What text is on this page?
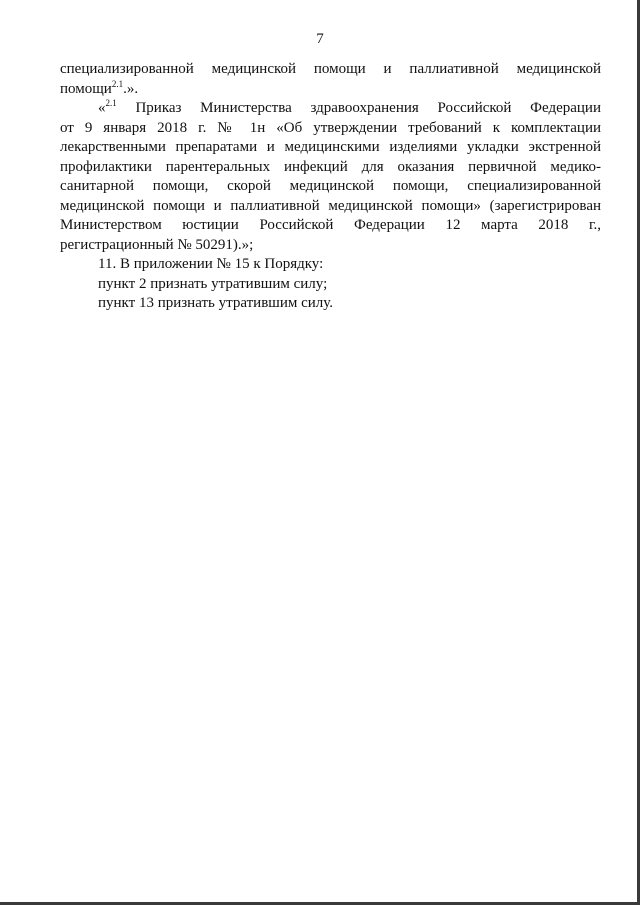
7

специализированной медицинской помощи и паллиативной медицинской

помощи$^{2.1}$.».

«$^{2.1}$ Приказ Министерства здравоохранения Российской Федерации

от 9 января 2018 г. № 1н «Об утверждении требований к комплектации

лекарственными препаратами и медицинскими изделиями укладки экстренной

профилактики парентеральных инфекций для оказания первичной медико-

санитарной помощи, скорой медицинской помощи, специализированной

медицинской помощи и паллиативной медицинской помощи» (зарегистрирован

Министерством юстиции Российской Федерации 12 марта 2018 г.,

регистрационный № 50291).»;

11. В приложении № 15 к Порядку:

пункт 2 признать утратившим силу;

пункт 13 признать утратившим силу.
